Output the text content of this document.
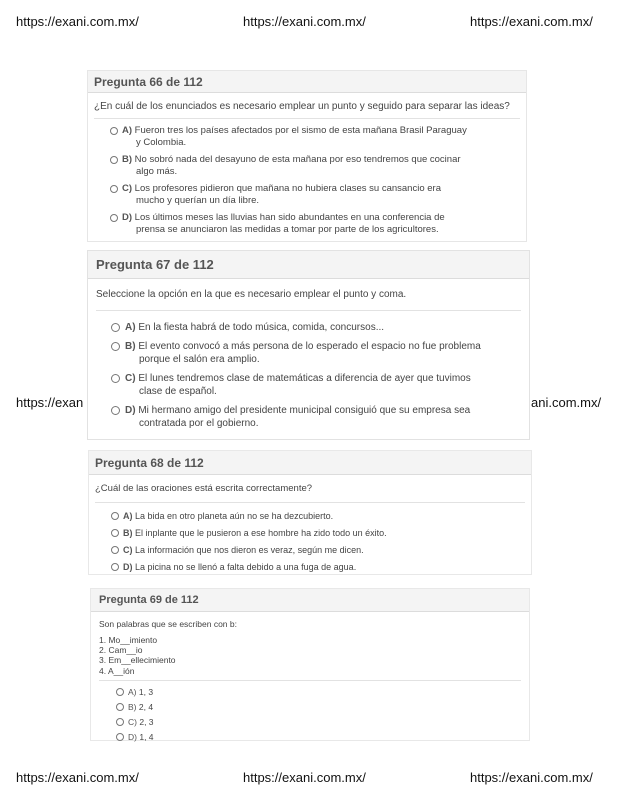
https://exani.com.mx/	https://exani.com.mx/	https://exani.com.mx/
https://exan	ani.com.mx/
https://exani.com.mx/	https://exani.com.mx/	https://exani.com.mx/
Pregunta 66 de 112
¿En cuál de los enunciados es necesario emplear un punto y seguido para separar las ideas?
A) Fueron tres los países afectados por el sismo de esta mañana Brasil Paraguay
y Colombia.
B) No sobró nada del desayuno de esta mañana por eso tendremos que cocinar
algo más.
C) Los profesores pidieron que mañana no hubiera clases su cansancio era
mucho y querían un día libre.
D) Los últimos meses las lluvias han sido abundantes en una conferencia de
prensa se anunciaron las medidas a tomar por parte de los agricultores.
Pregunta 67 de 112
Seleccione la opción en la que es necesario emplear el punto y coma.
A) En la fiesta habrá de todo música, comida, concursos...
B) El evento convocó a más persona de lo esperado el espacio no fue problema
porque el salón era amplio.
C) El lunes tendremos clase de matemáticas a diferencia de ayer que tuvimos
clase de español.
D) Mi hermano amigo del presidente municipal consiguió que su empresa sea
contratada por el gobierno.
Pregunta 68 de 112
¿Cuál de las oraciones está escrita correctamente?
A) La bida en otro planeta aún no se ha dezcubierto.
B) El inplante que le pusieron a ese hombre ha zido todo un éxito.
C) La información que nos dieron es veraz, según me dicen.
D) La picina no se llenó a falta debido a una fuga de agua.
Pregunta 69 de 112
Son palabras que se escriben con b:
1. Mo__imiento
2. Cam__io
3. Em__ellecimiento
4. A__ión
A) 1, 3
B) 2, 4
C) 2, 3
D) 1, 4
